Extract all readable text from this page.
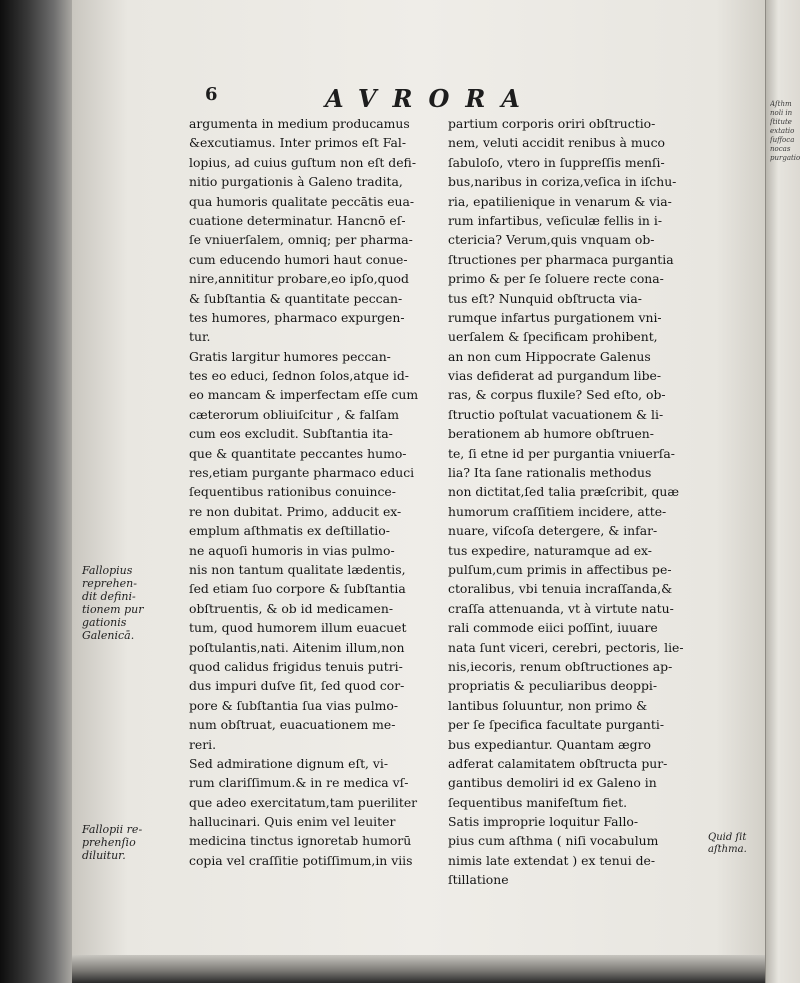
Aſthm
noli in
ſtitute
extatio
ſuffoca
nocas
purgatio
6	AVRORA
Fallopius
reprehen-
dit defini-
tionem pur
gationis
Galenicā.
Fallopii re-
prehenſio
diluitur.
Quid ſit
aſthma.
argumenta in medium producamus
&excutiamus. Inter primos eſt Fal-
lopius, ad cuius guſtum non eſt defi-
nitio purgationis à Galeno tradita,
qua humoris qualitate peccātis eua-
cuatione determinatur. Hancnō eſ-
ſe vniuerſalem, omniq; per pharma-
cum educendo humori haut conue-
nire,annititur probare,eo ipſo,quod
& ſubſtantia & quantitate peccan-
tes humores, pharmaco expurgen-
tur.
Gratis largitur humores peccan-
tes eo educi, ſednon ſolos,atque id-
eo mancam & imperfectam eſſe cum
cæterorum obliuiſcitur , & falſam
cum eos excludit. Subſtantia ita-
que & quantitate peccantes humo-
res,etiam purgante pharmaco educi
ſequentibus rationibus conuince-
re non dubitat. Primo, adducit ex-
emplum aſthmatis ex deſtillatio-
ne aquoſi humoris in vias pulmo-
nis non tantum qualitate lædentis,
ſed etiam ſuo corpore & ſubſtantia
obſtruentis, & ob id medicamen-
tum, quod humorem illum euacuet
poſtulantis,nati. Aitenim illum,non
quod calidus frigidus tenuis putri-
dus impuri duſve ſit, ſed quod cor-
pore & ſubſtantia ſua vias pulmo-
num obſtruat, euacuationem me-
reri.
Sed admiratione dignum eſt, vi-
rum clariſſimum.& in re medica vſ-
que adeo exercitatum,tam pueriliter
hallucinari. Quis enim vel leuiter
medicina tinctus ignoretab humorū
copia vel craſſitie potiſſimum,in viis
partium corporis oriri obſtructio-
nem, veluti accidit renibus à muco
ſabuloſo, vtero in ſuppreſſis menſi-
bus,naribus in coriza,veſica in iſchu-
ria, epatilienique in venarum & via-
rum infartibus, veſiculæ fellis in i-
ctericia? Verum,quis vnquam ob-
ſtructiones per pharmaca purgantia
primo & per ſe ſoluere recte cona-
tus eſt? Nunquid obſtructa via-
rumque infartus purgationem vni-
uerſalem & ſpecificam prohibent,
an non cum Hippocrate Galenus
vias defiderat ad purgandum libe-
ras, & corpus fluxile? Sed eſto, ob-
ſtructio poſtulat vacuationem & li-
berationem ab humore obſtruen-
te, ſi etne id per purgantia vniuerſa-
lia? Ita ſane rationalis methodus
non dictitat,ſed talia præſcribit, quæ
humorum craſſitiem incidere, atte-
nuare, viſcoſa detergere, & infar-
tus expedire, naturamque ad ex-
pulſum,cum primis in affectibus pe-
ctoralibus, vbi tenuia incraſſanda,&
craſſa attenuanda, vt à virtute natu-
rali commode eiici poſſint, iuuare
nata ſunt viceri, cerebri, pectoris, lie-
nis,iecoris, renum obſtructiones ap-
propriatis & peculiaribus deoppi-
lantibus ſoluuntur, non primo &
per ſe ſpecifica facultate purganti-
bus expediantur. Quantam ægro
adferat calamitatem obſtructa pur-
gantibus demoliri id ex Galeno in
ſequentibus manifeſtum fiet.
Satis improprie loquitur Fallo-
pius cum aſthma ( niſi vocabulum
nimis late extendat ) ex tenui de-
ſtillatione
